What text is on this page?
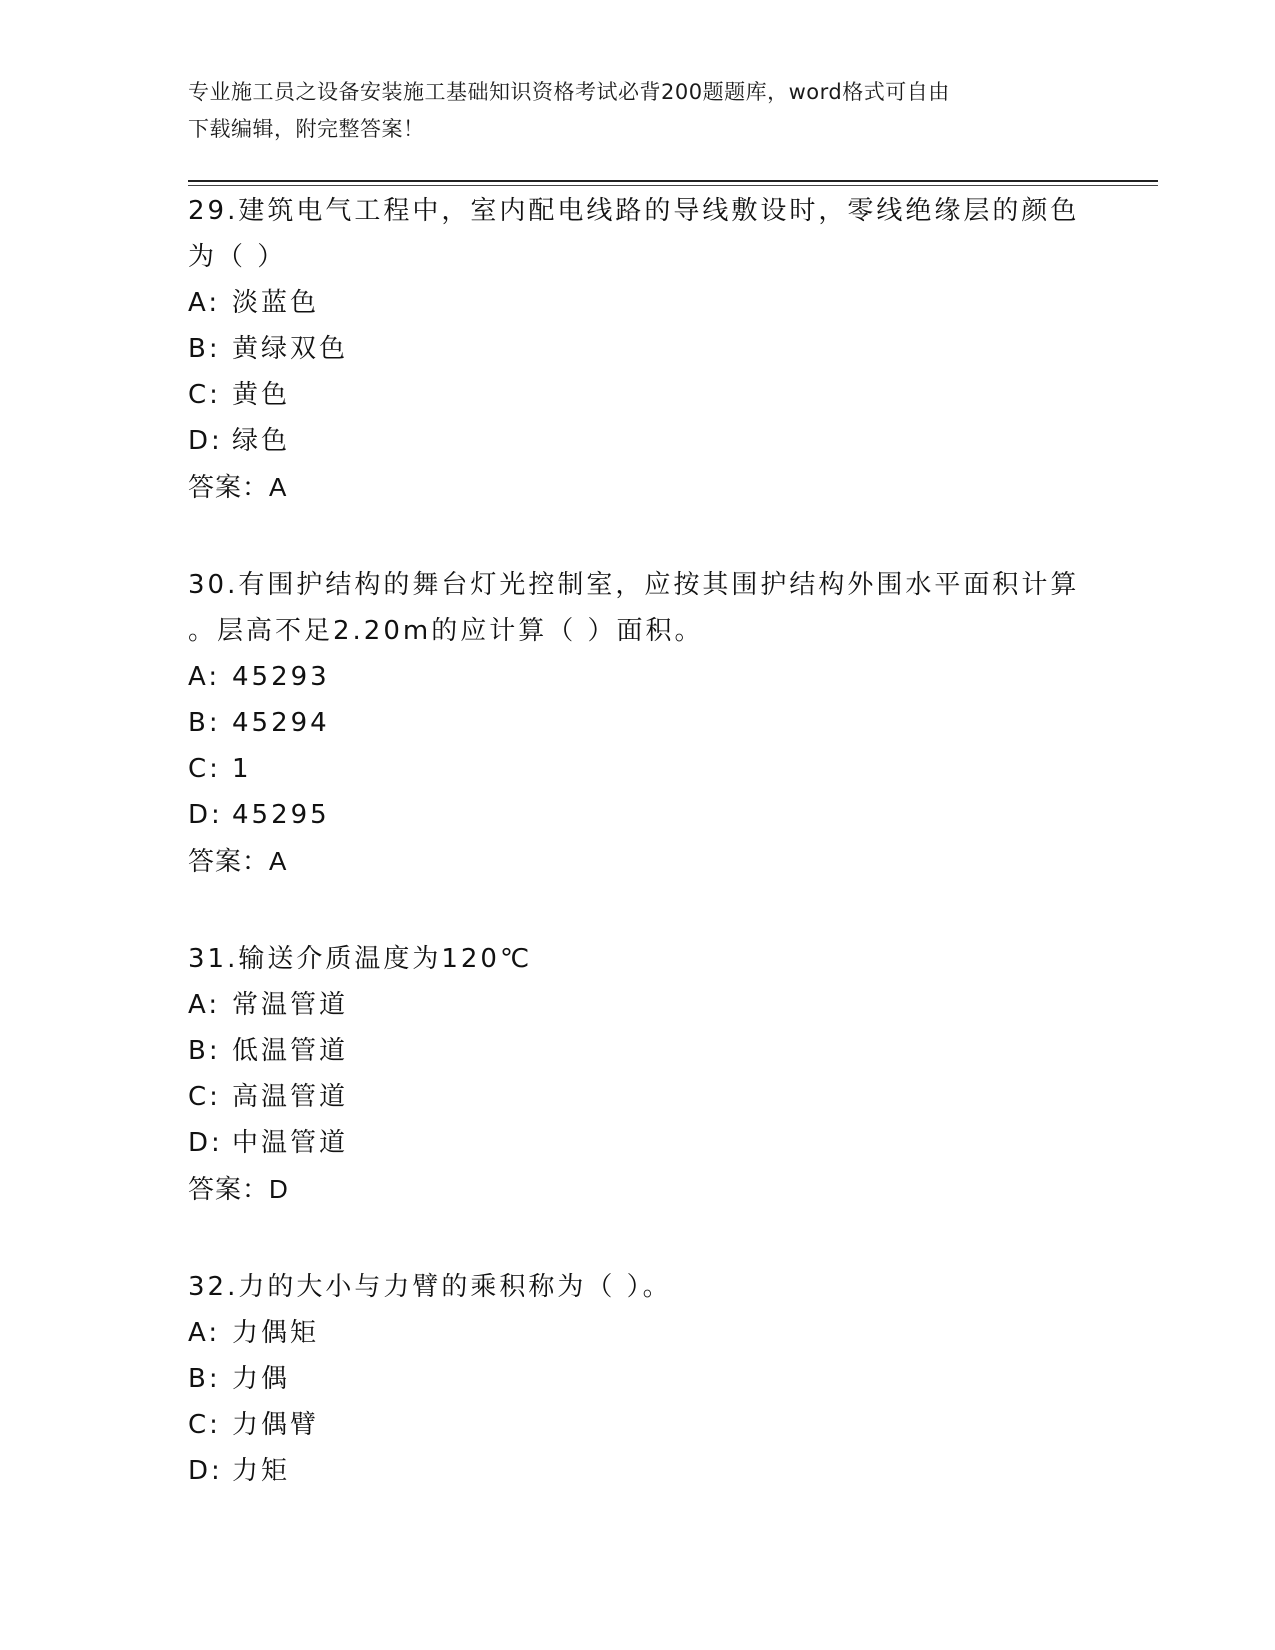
专业施工员之设备安装施工基础知识资格考试必背200题题库，word格式可自由
下载编辑，附完整答案！
29.建筑电气工程中，室内配电线路的导线敷设时，零线绝缘层的颜色
为（ ）
A: 淡蓝色
B: 黄绿双色
C: 黄色
D: 绿色
答案：A
30.有围护结构的舞台灯光控制室，应按其围护结构外围水平面积计算
。层高不足2.20m的应计算（ ）面积。
A: 45293
B: 45294
C: 1
D: 45295
答案：A
31.输送介质温度为120℃
A: 常温管道
B: 低温管道
C: 高温管道
D: 中温管道
答案：D
32.力的大小与力臂的乘积称为（ ）。
A: 力偶矩
B: 力偶
C: 力偶臂
D: 力矩
